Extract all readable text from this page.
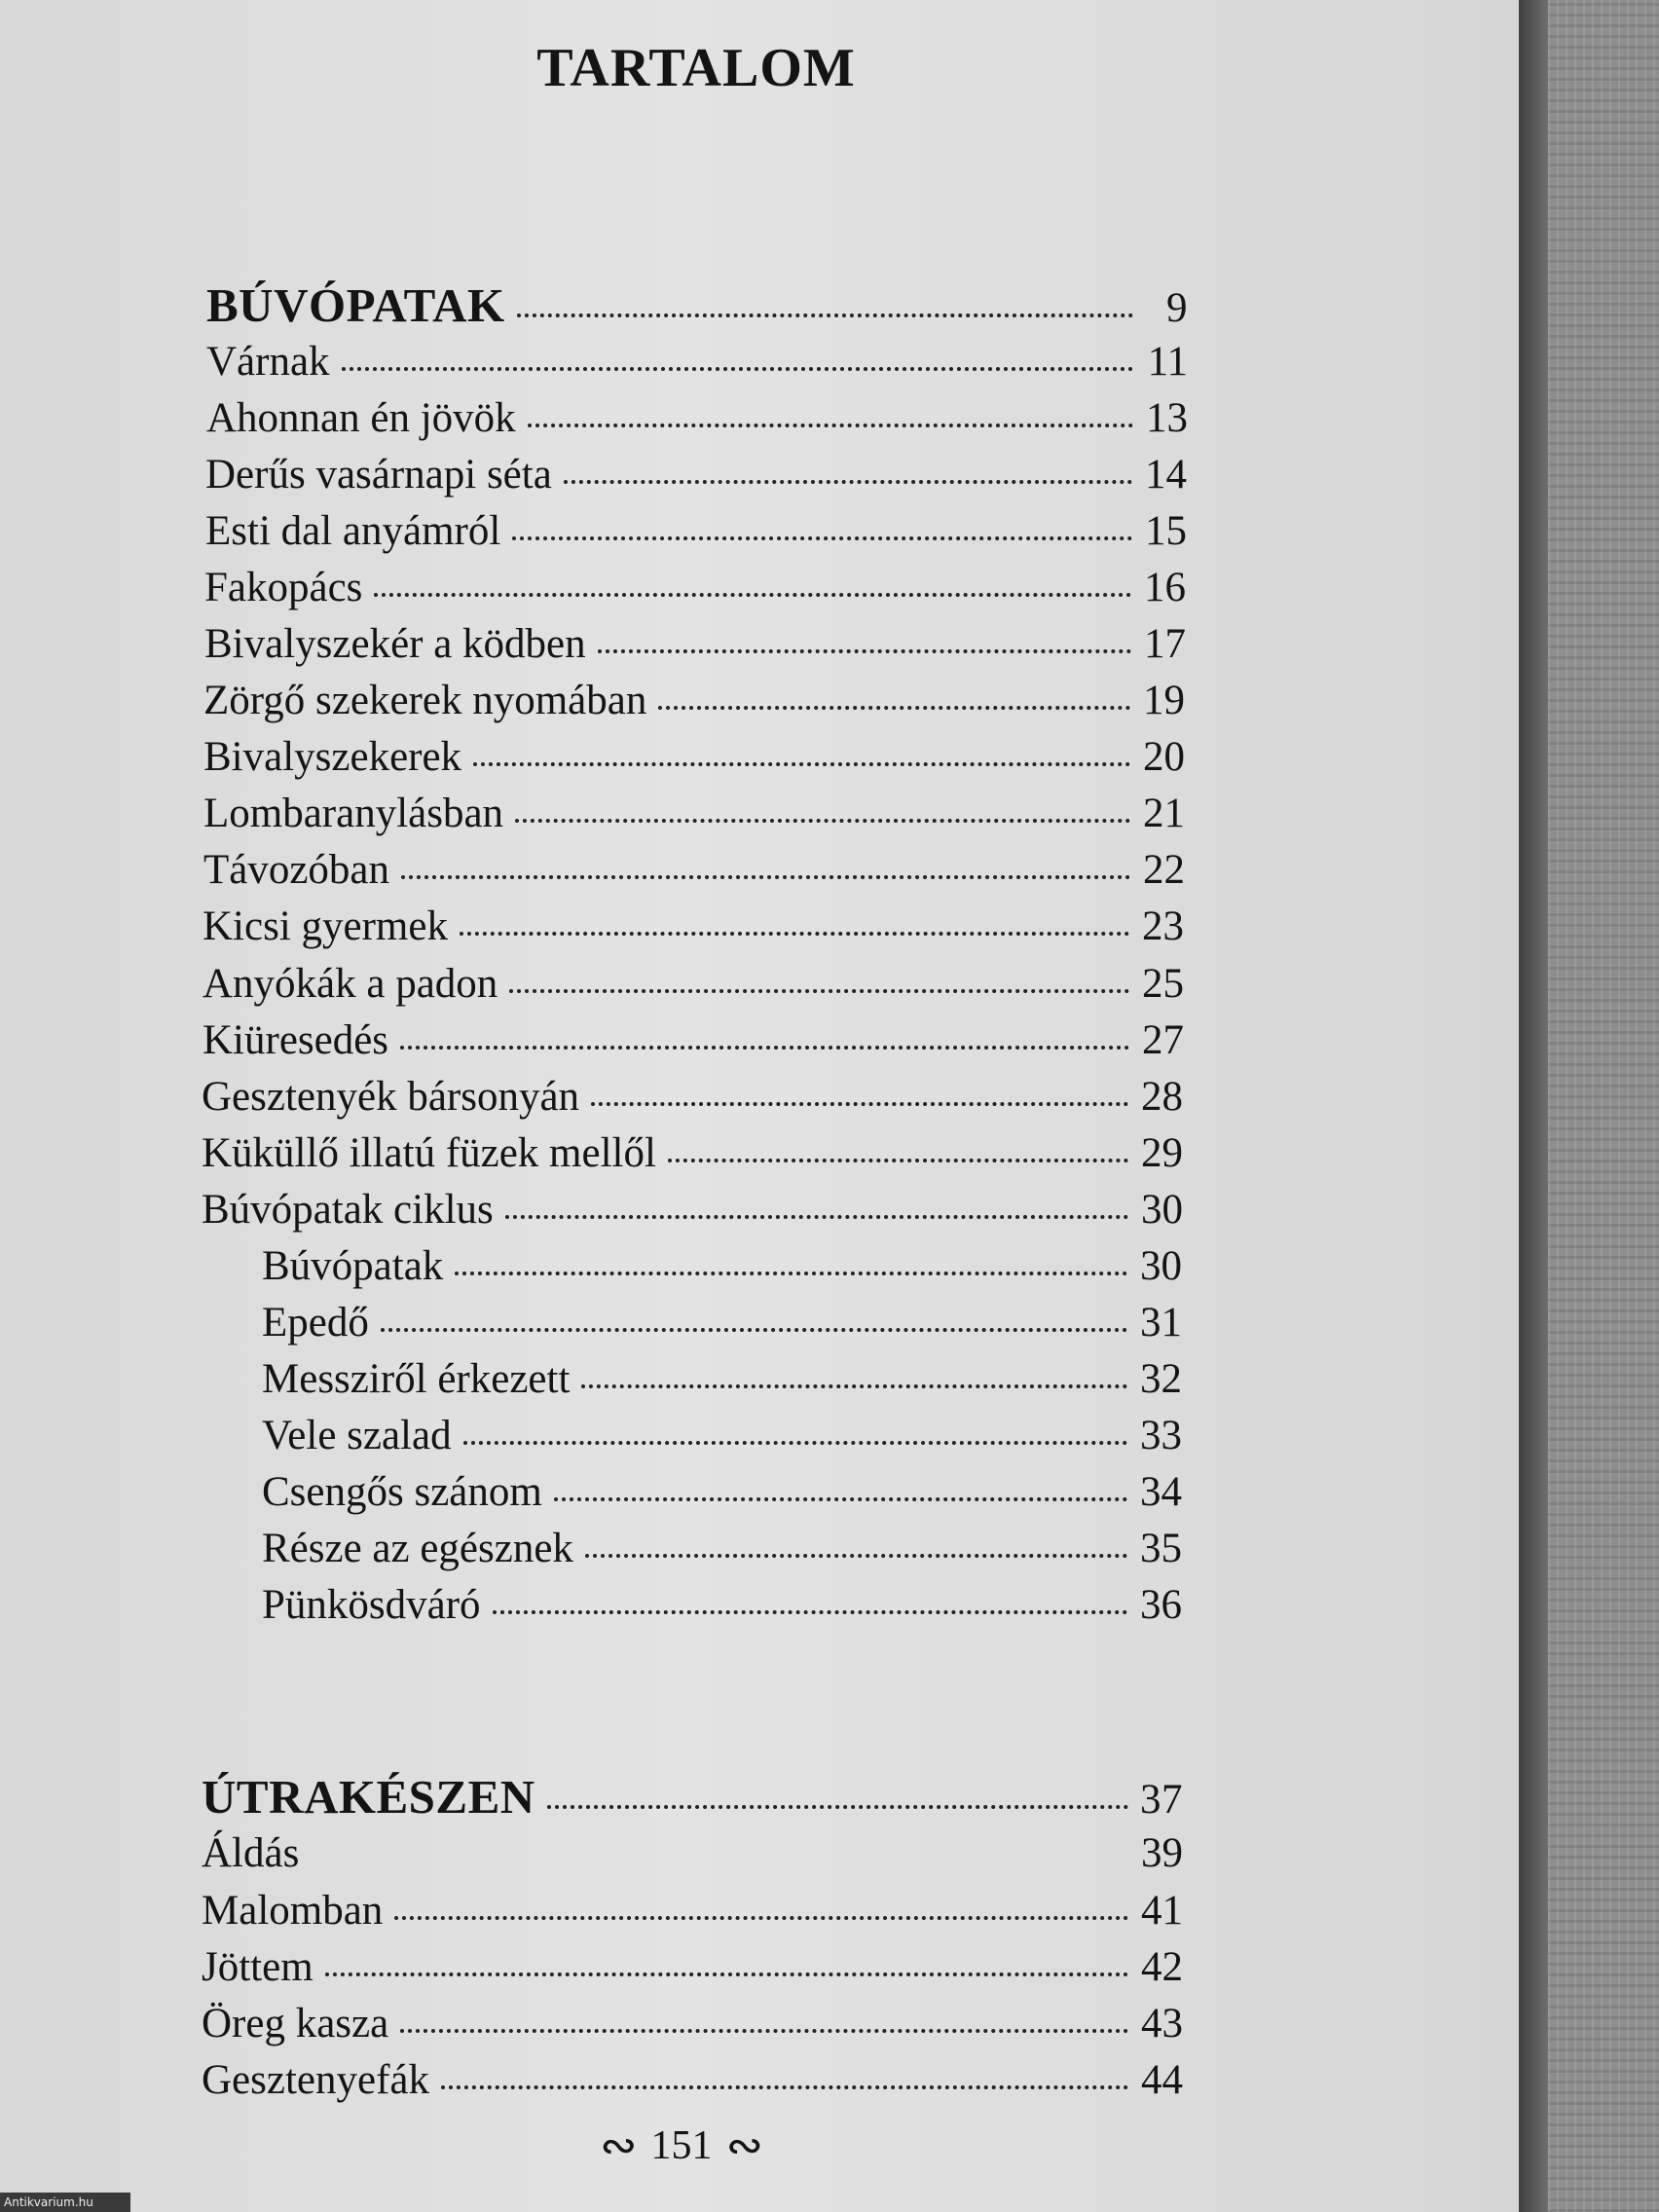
TARTALOM
BÚVÓPATAK	9
Várnak	11
Ahonnan én jövök	13
Derűs vasárnapi séta	14
Esti dal anyámról	15
Fakopács	16
Bivalyszekér a ködben	17
Zörgő szekerek nyomában	19
Bivalyszekerek	20
Lombaranylásban	21
Távozóban	22
Kicsi gyermek	23
Anyókák a padon	25
Kiüresedés	27
Gesztenyék bársonyán	28
Küküllő illatú füzek mellől	29
Búvópatak ciklus	30
Búvópatak	30
Epedő	31
Messziről érkezett	32
Vele szalad	33
Csengős szánom	34
Része az egésznek	35
Pünkösdváró	36
ÚTRAKÉSZEN	37
Áldás	39
Malomban	41
Jöttem	42
Öreg kasza	43
Gesztenyefák	44
∾ 151 ∾
Antikvarium.hu
